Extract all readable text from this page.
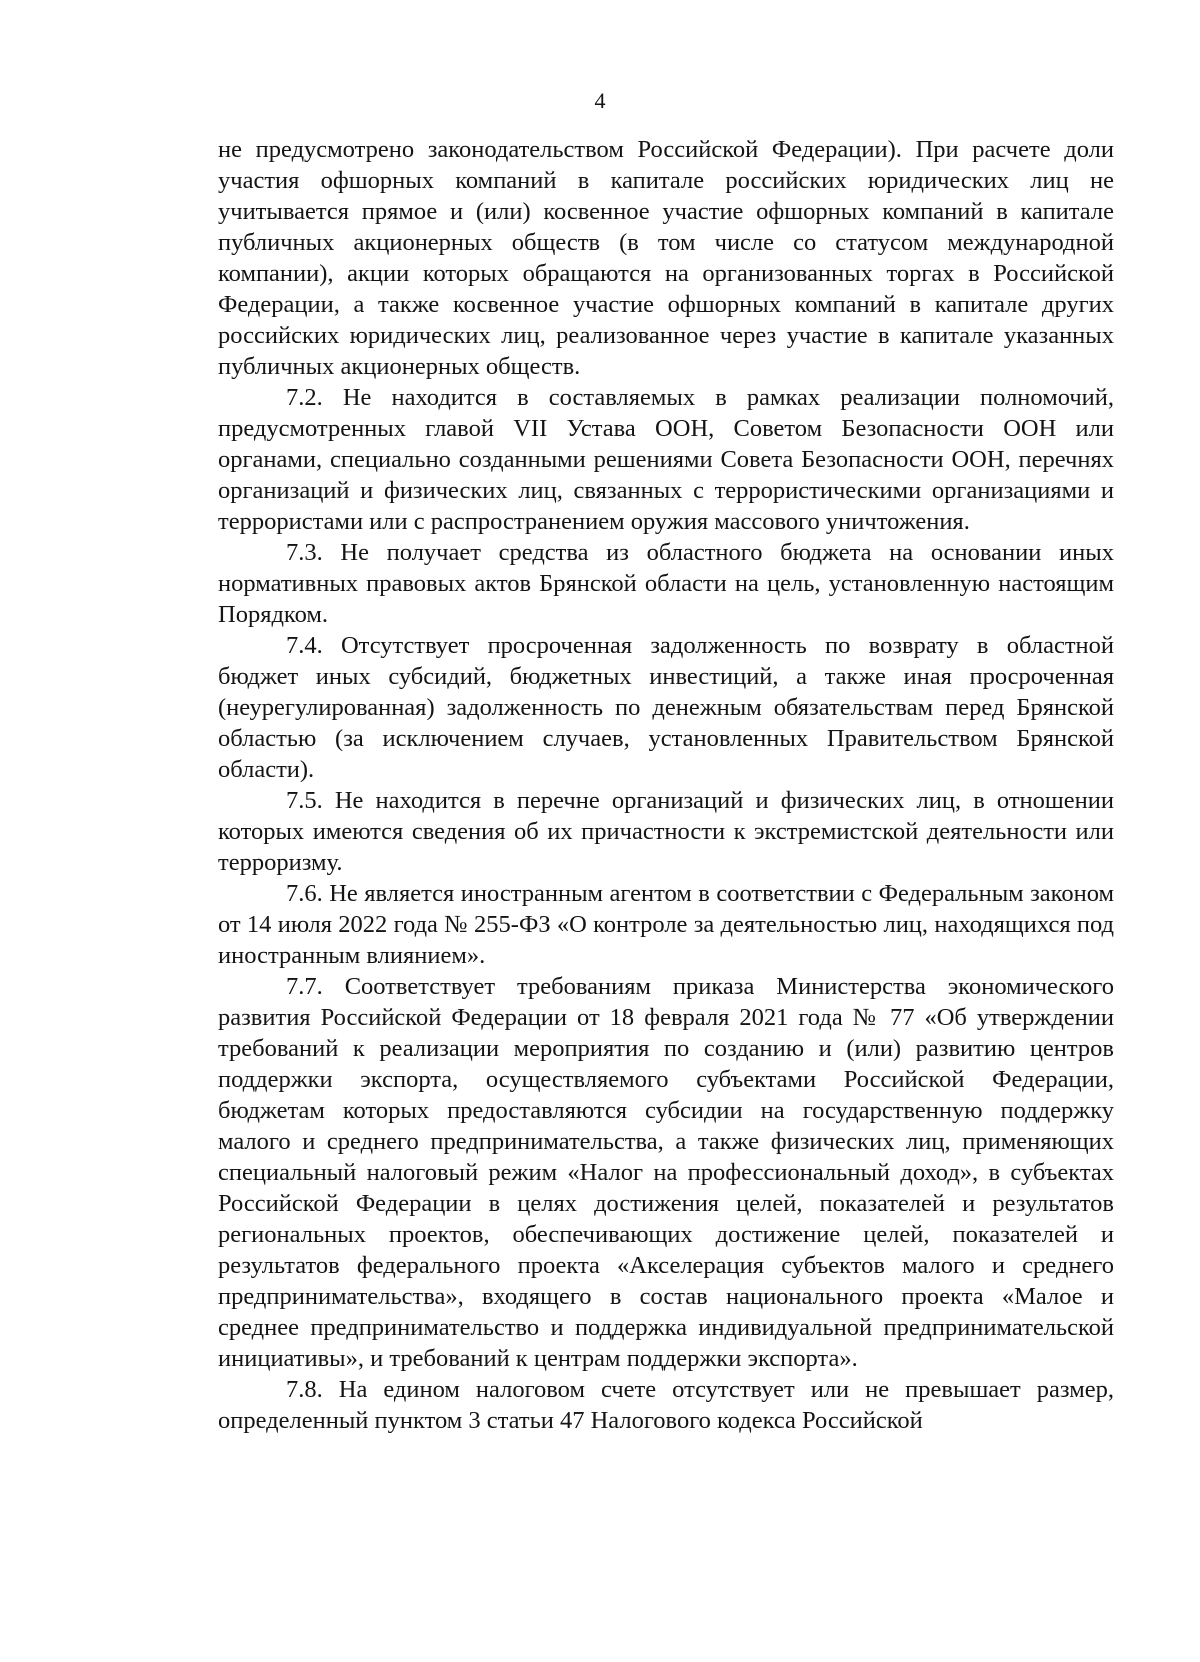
4

не предусмотрено законодательством Российской Федерации). При расчете доли участия офшорных компаний в капитале российских юридических лиц не учитывается прямое и (или) косвенное участие офшорных компаний в капитале публичных акционерных обществ (в том числе со статусом международной компании), акции которых обращаются на организованных торгах в Российской Федерации, а также косвенное участие офшорных компаний в капитале других российских юридических лиц, реализованное через участие в капитале указанных публичных акционерных обществ.

7.2. Не находится в составляемых в рамках реализации полномочий, предусмотренных главой VII Устава ООН, Советом Безопасности ООН или органами, специально созданными решениями Совета Безопасности ООН, перечнях организаций и физических лиц, связанных с террористическими организациями и террористами или с распространением оружия массового уничтожения.

7.3. Не получает средства из областного бюджета на основании иных нормативных правовых актов Брянской области на цель, установленную настоящим Порядком.

7.4. Отсутствует просроченная задолженность по возврату в областной бюджет иных субсидий, бюджетных инвестиций, а также иная просроченная (неурегулированная) задолженность по денежным обязательствам перед Брянской областью (за исключением случаев, установленных Правительством Брянской области).

7.5. Не находится в перечне организаций и физических лиц, в отношении которых имеются сведения об их причастности к экстремистской деятельности или терроризму.

7.6. Не является иностранным агентом в соответствии с Федеральным законом от 14 июля 2022 года № 255-ФЗ «О контроле за деятельностью лиц, находящихся под иностранным влиянием».

7.7. Соответствует требованиям приказа Министерства экономического развития Российской Федерации от 18 февраля 2021 года № 77 «Об утверждении требований к реализации мероприятия по созданию и (или) развитию центров поддержки экспорта, осуществляемого субъектами Российской Федерации, бюджетам которых предоставляются субсидии на государственную поддержку малого и среднего предпринимательства, а также физических лиц, применяющих специальный налоговый режим «Налог на профессиональный доход», в субъектах Российской Федерации в целях достижения целей, показателей и результатов региональных проектов, обеспечивающих достижение целей, показателей и результатов федерального проекта «Акселерация субъектов малого и среднего предпринимательства», входящего в состав национального проекта «Малое и среднее предпринимательство и поддержка индивидуальной предпринимательской инициативы», и требований к центрам поддержки экспорта».

7.8. На едином налоговом счете отсутствует или не превышает размер, определенный пунктом 3 статьи 47 Налогового кодекса Российской
